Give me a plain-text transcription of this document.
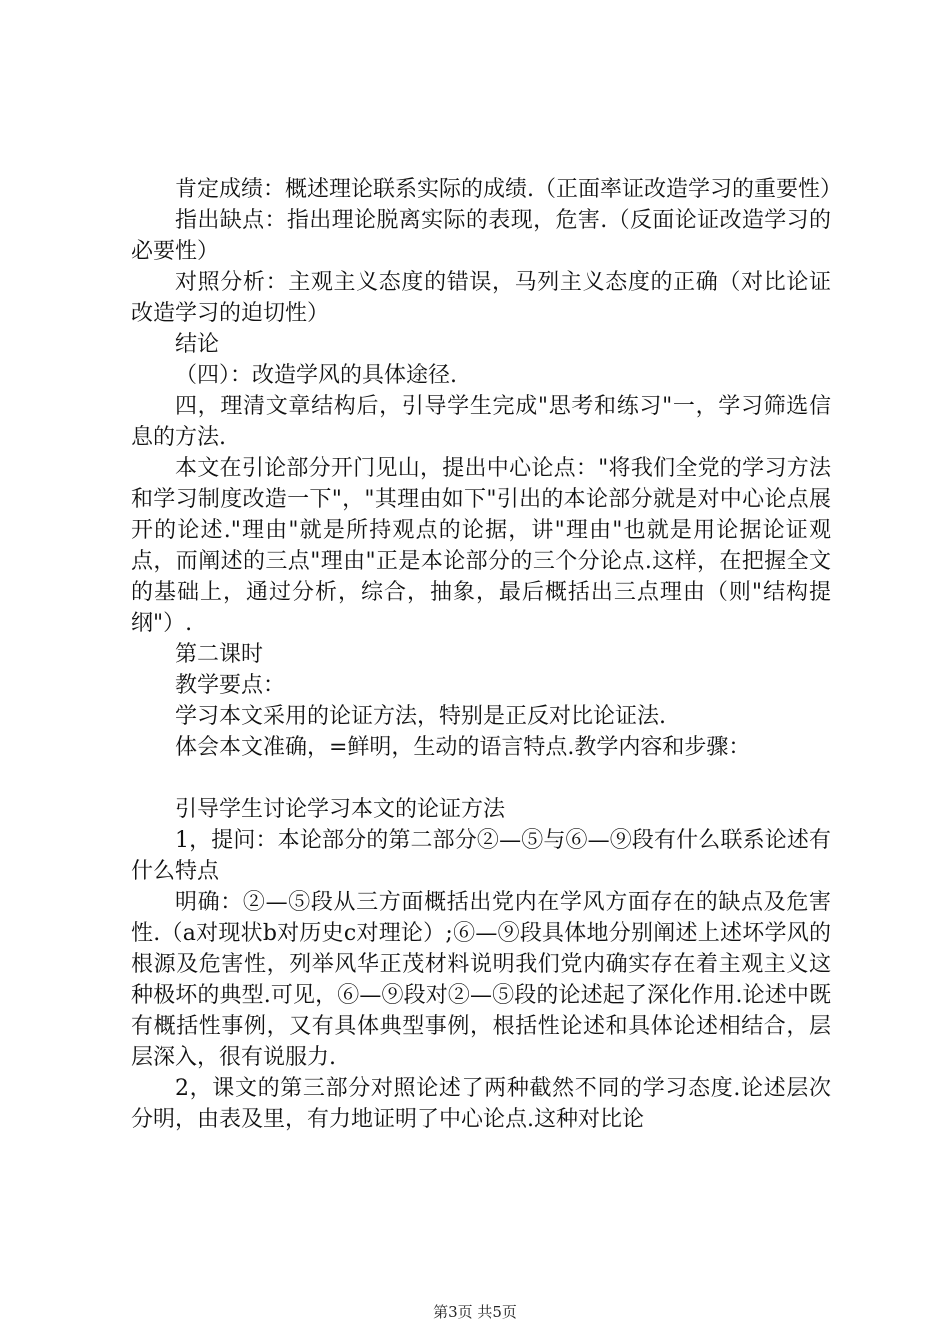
肯定成绩：概述理论联系实际的成绩.（正面率证改造学习的重要性）

指出缺点：指出理论脱离实际的表现，危害.（反面论证改造学习的必要性）

对照分析：主观主义态度的错误，马列主义态度的正确（对比论证改造学习的迫切性）

结论

（四）：改造学风的具体途径.

四，理清文章结构后，引导学生完成"思考和练习"一，学习筛选信息的方法.

本文在引论部分开门见山，提出中心论点："将我们全党的学习方法和学习制度改造一下"，"其理由如下"引出的本论部分就是对中心论点展开的论述."理由"就是所持观点的论据，讲"理由"也就是用论据论证观点，而阐述的三点"理由"正是本论部分的三个分论点.这样，在把握全文的基础上，通过分析，综合，抽象，最后概括出三点理由（则"结构提纲"）.

第二课时

教学要点：

学习本文采用的论证方法，特别是正反对比论证法.

体会本文准确，=鲜明，生动的语言特点.教学内容和步骤：

引导学生讨论学习本文的论证方法

1，提问：本论部分的第二部分②—⑤与⑥—⑨段有什么联系论述有什么特点

明确：②—⑤段从三方面概括出党内在学风方面存在的缺点及危害性.（a对现状b对历史c对理论）;⑥—⑨段具体地分别阐述上述坏学风的根源及危害性，列举风华正茂材料说明我们党内确实存在着主观主义这种极坏的典型.可见，⑥—⑨段对②—⑤段的论述起了深化作用.论述中既有概括性事例，又有具体典型事例，根括性论述和具体论述相结合，层层深入，很有说服力.

2，课文的第三部分对照论述了两种截然不同的学习态度.论述层次分明，由表及里，有力地证明了中心论点.这种对比论

第3页 共5页
